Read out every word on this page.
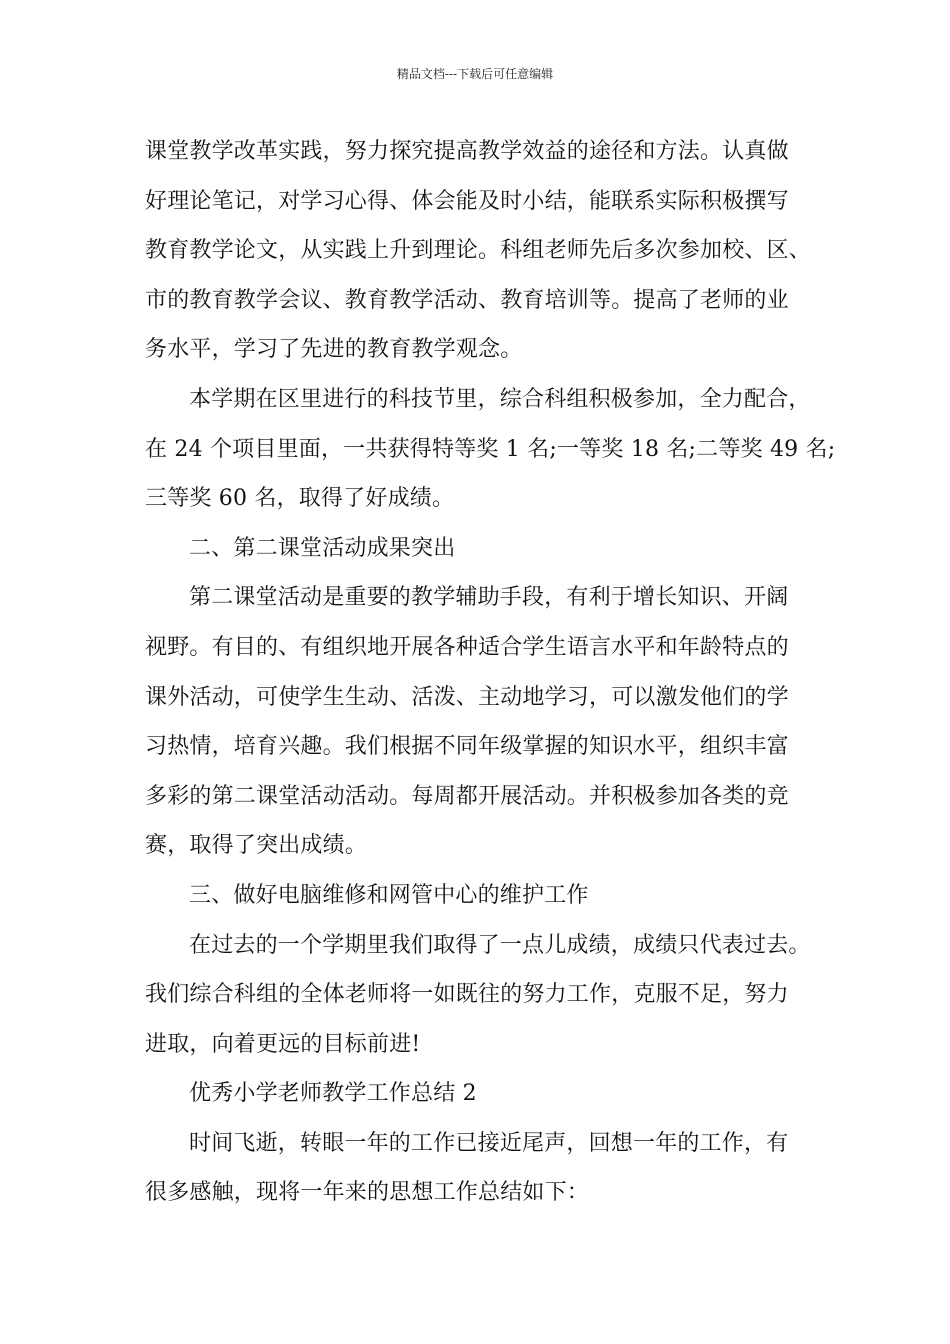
精品文档---下载后可任意编辑
课堂教学改革实践，努力探究提高教学效益的途径和方法。认真做
好理论笔记，对学习心得、体会能及时小结，能联系实际积极撰写
教育教学论文，从实践上升到理论。科组老师先后多次参加校、区、
市的教育教学会议、教育教学活动、教育培训等。提高了老师的业
务水平，学习了先进的教育教学观念。
本学期在区里进行的科技节里，综合科组积极参加，全力配合，
在 24 个项目里面，一共获得特等奖 1 名;一等奖 18 名;二等奖 49 名;
三等奖 60 名，取得了好成绩。
二、第二课堂活动成果突出
第二课堂活动是重要的教学辅助手段，有利于增长知识、开阔
视野。有目的、有组织地开展各种适合学生语言水平和年龄特点的
课外活动，可使学生生动、活泼、主动地学习，可以激发他们的学
习热情，培育兴趣。我们根据不同年级掌握的知识水平，组织丰富
多彩的第二课堂活动活动。每周都开展活动。并积极参加各类的竞
赛，取得了突出成绩。
三、做好电脑维修和网管中心的维护工作
在过去的一个学期里我们取得了一点儿成绩，成绩只代表过去。
我们综合科组的全体老师将一如既往的努力工作，克服不足，努力
进取，向着更远的目标前进!
优秀小学老师教学工作总结 2
时间飞逝，转眼一年的工作已接近尾声，回想一年的工作，有
很多感触，现将一年来的思想工作总结如下：
